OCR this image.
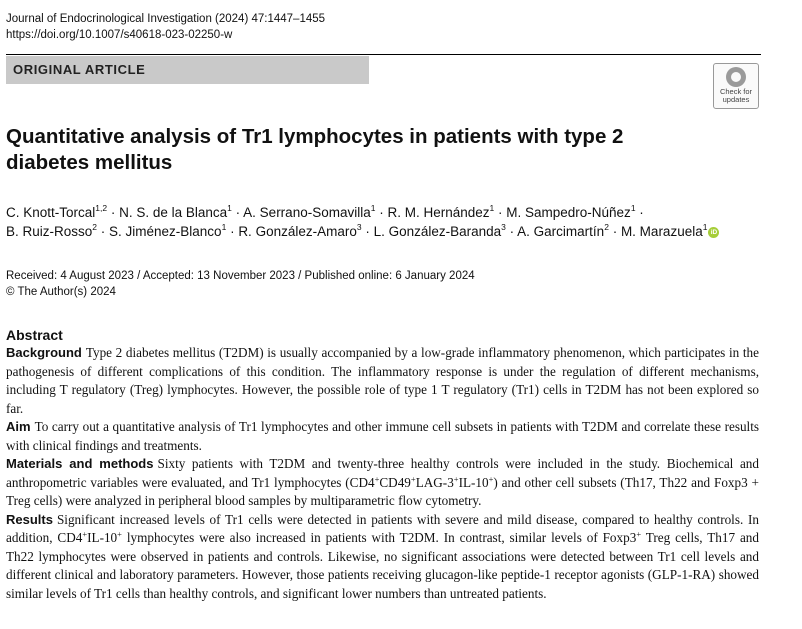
Journal of Endocrinological Investigation (2024) 47:1447–1455
https://doi.org/10.1007/s40618-023-02250-w
ORIGINAL ARTICLE
Check for
updates
Quantitative analysis of Tr1 lymphocytes in patients with type 2 diabetes mellitus
C. Knott-Torcal$^{1,2}$ · N. S. de la Blanca$^1$ · A. Serrano-Somavilla$^1$ · R. M. Hernández$^1$ · M. Sampedro-Núñez$^1$ ·
B. Ruiz-Rosso$^2$ · S. Jiménez-Blanco$^1$ · R. González-Amaro$^3$ · L. González-Baranda$^3$ · A. Garcimartín$^2$ · M. Marazuela$^1$iD
Received: 4 August 2023 / Accepted: 13 November 2023 / Published online: 6 January 2024
© The Author(s) 2024
Abstract

Background Type 2 diabetes mellitus (T2DM) is usually accompanied by a low-grade inflammatory phenomenon, which participates in the pathogenesis of different complications of this condition. The inflammatory response is under the regulation of different mechanisms, including T regulatory (Treg) lymphocytes. However, the possible role of type 1 T regulatory (Tr1) cells in T2DM has not been explored so far.

Aim To carry out a quantitative analysis of Tr1 lymphocytes and other immune cell subsets in patients with T2DM and correlate these results with clinical findings and treatments.

Materials and methods Sixty patients with T2DM and twenty-three healthy controls were included in the study. Biochemical and anthropometric variables were evaluated, and Tr1 lymphocytes (CD4+CD49+LAG-3+IL-10+) and other cell subsets (Th17, Th22 and Foxp3 + Treg cells) were analyzed in peripheral blood samples by multiparametric flow cytometry.

Results Significant increased levels of Tr1 cells were detected in patients with severe and mild disease, compared to healthy controls. In addition, CD4+IL-10+ lymphocytes were also increased in patients with T2DM. In contrast, similar levels of Foxp3+ Treg cells, Th17 and Th22 lymphocytes were observed in patients and controls. Likewise, no significant associations were detected between Tr1 cell levels and different clinical and laboratory parameters. However, those patients receiving glucagon-like peptide-1 receptor agonists (GLP-1-RA) showed similar levels of Tr1 cells than healthy controls, and significant lower numbers than untreated patients.
